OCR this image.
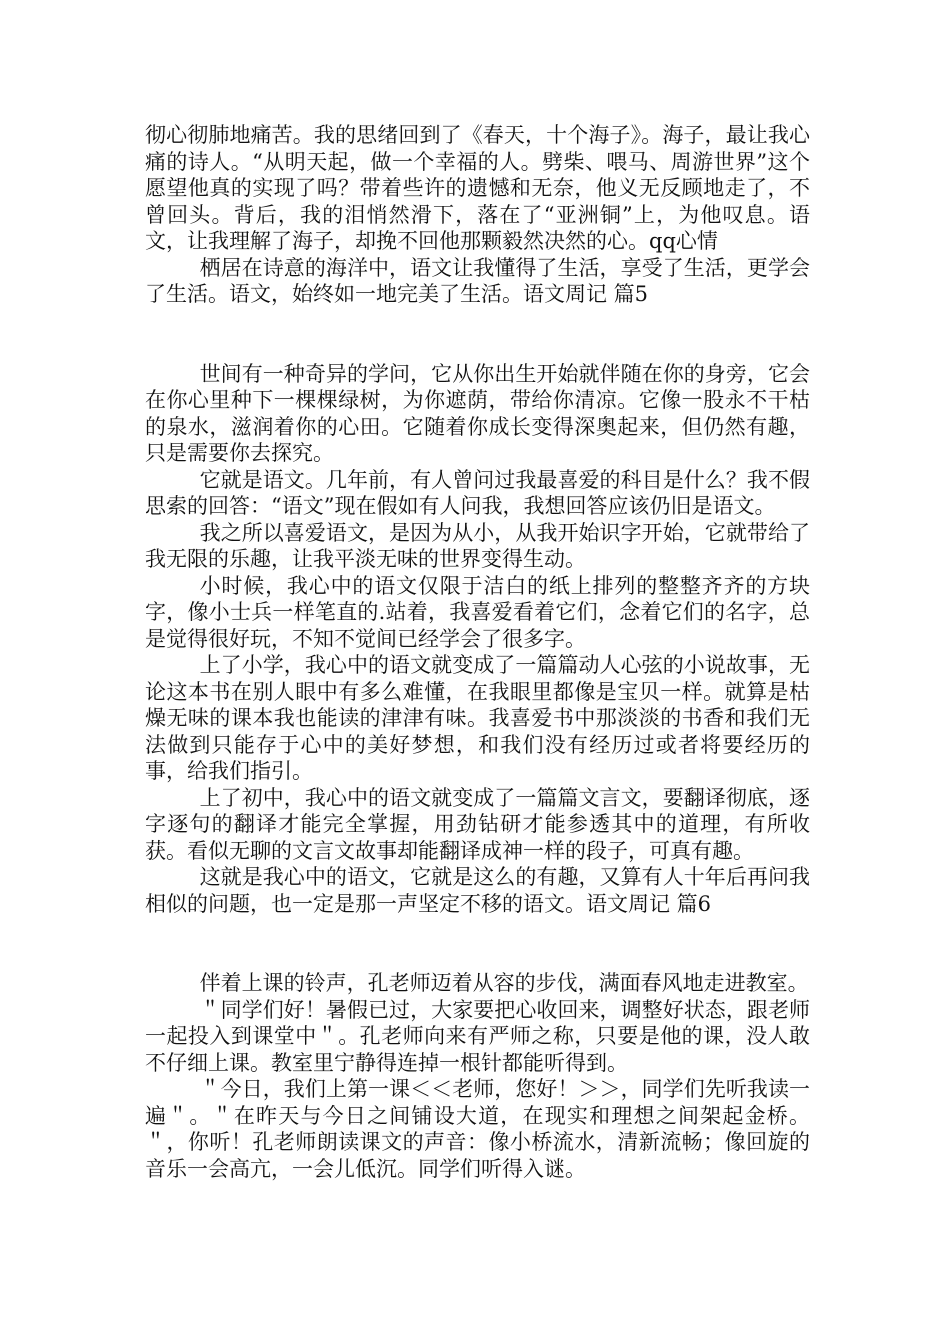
彻心彻肺地痛苦。我的思绪回到了《春天，十个海子》。海子，最让我心痛的诗人。“从明天起，做一个幸福的人。劈柴、喂马、周游世界”这个愿望他真的实现了吗？带着些许的遗憾和无奈，他义无反顾地走了，不曾回头。背后，我的泪悄然滑下，落在了“亚洲铜”上，为他叹息。语文，让我理解了海子，却挽不回他那颗毅然决然的心。qq心情

栖居在诗意的海洋中，语文让我懂得了生活，享受了生活，更学会了生活。语文，始终如一地完美了生活。语文周记 篇5

世间有一种奇异的学问，它从你出生开始就伴随在你的身旁，它会在你心里种下一棵棵绿树，为你遮荫，带给你清凉。它像一股永不干枯的泉水，滋润着你的心田。它随着你成长变得深奥起来，但仍然有趣，只是需要你去探究。

它就是语文。几年前，有人曾问过我最喜爱的科目是什么？我不假思索的回答：“语文”现在假如有人问我，我想回答应该仍旧是语文。

我之所以喜爱语文，是因为从小，从我开始识字开始，它就带给了我无限的乐趣，让我平淡无味的世界变得生动。

小时候，我心中的语文仅限于洁白的纸上排列的整整齐齐的方块字，像小士兵一样笔直的.站着，我喜爱看着它们，念着它们的名字，总是觉得很好玩，不知不觉间已经学会了很多字。

上了小学，我心中的语文就变成了一篇篇动人心弦的小说故事，无论这本书在别人眼中有多么难懂，在我眼里都像是宝贝一样。就算是枯燥无味的课本我也能读的津津有味。我喜爱书中那淡淡的书香和我们无法做到只能存于心中的美好梦想，和我们没有经历过或者将要经历的事，给我们指引。

上了初中，我心中的语文就变成了一篇篇文言文，要翻译彻底，逐字逐句的翻译才能完全掌握，用劲钻研才能参透其中的道理，有所收获。看似无聊的文言文故事却能翻译成神一样的段子，可真有趣。

这就是我心中的语文，它就是这么的有趣，又算有人十年后再问我相似的问题，也一定是那一声坚定不移的语文。语文周记 篇6

伴着上课的铃声，孔老师迈着从容的步伐，满面春风地走进教室。

＂同学们好！暑假已过，大家要把心收回来，调整好状态，跟老师一起投入到课堂中＂。孔老师向来有严师之称，只要是他的课，没人敢不仔细上课。教室里宁静得连掉一根针都能听得到。

＂今日，我们上第一课＜＜老师，您好！＞＞，同学们先听我读一遍＂。＂在昨天与今日之间铺设大道，在现实和理想之间架起金桥。＂，你听！孔老师朗读课文的声音：像小桥流水，清新流畅；像回旋的音乐一会高亢，一会儿低沉。同学们听得入谜。
